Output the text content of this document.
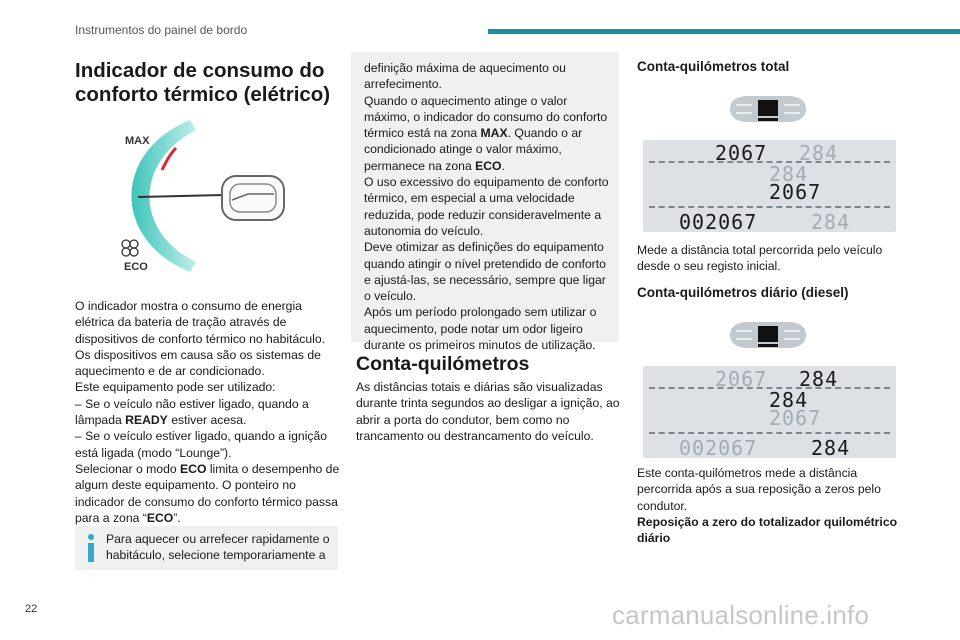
Instrumentos do painel de bordo
Indicador de consumo do
conforto térmico (elétrico)
MAX
ECO

O indicador mostra o consumo de energia elétrica da bateria de tração através de dispositivos de conforto térmico no habitáculo.

Os dispositivos em causa são os sistemas de aquecimento e de ar condicionado.

Este equipamento pode ser utilizado:

– Se o veículo não estiver ligado, quando a lâmpada READY estiver acesa.

– Se o veículo estiver ligado, quando a ignição está ligada (modo “Lounge”).

Selecionar o modo ECO limita o desempenho de algum deste equipamento. O ponteiro no indicador de consumo do conforto térmico passa para a zona “ECO”.

Para aquecer ou arrefecer rapidamente o habitáculo, selecione temporariamente a

definição máxima de aquecimento ou arrefecimento.

Quando o aquecimento atinge o valor máximo, o indicador do consumo do conforto térmico está na zona MAX. Quando o ar condicionado atinge o valor máximo, permanece na zona ECO.

O uso excessivo do equipamento de conforto térmico, em especial a uma velocidade reduzida, pode reduzir consideravelmente a autonomia do veículo.

Deve otimizar as definições do equipamento quando atingir o nível pretendido de conforto e ajustá-las, se necessário, sempre que ligar o veículo.

Após um período prolongado sem utilizar o aquecimento, pode notar um odor ligeiro durante os primeiros minutos de utilização.

Conta-quilómetros
As distâncias totais e diárias são visualizadas durante trinta segundos ao desligar a ignição, ao abrir a porta do condutor, bem como no trancamento ou destrancamento do veículo.
Conta-quilómetros total
2067 284
284
2067
002067	284
Mede a distância total percorrida pelo veículo desde o seu registo inicial.
Conta-quilómetros diário (diesel)
2067 284
284
2067
002067	284

Este conta-quilómetros mede a distância percorrida após a sua reposição a zeros pelo condutor.

Reposição a zero do totalizador quilométrico diário

22	carmanualsonline.info
